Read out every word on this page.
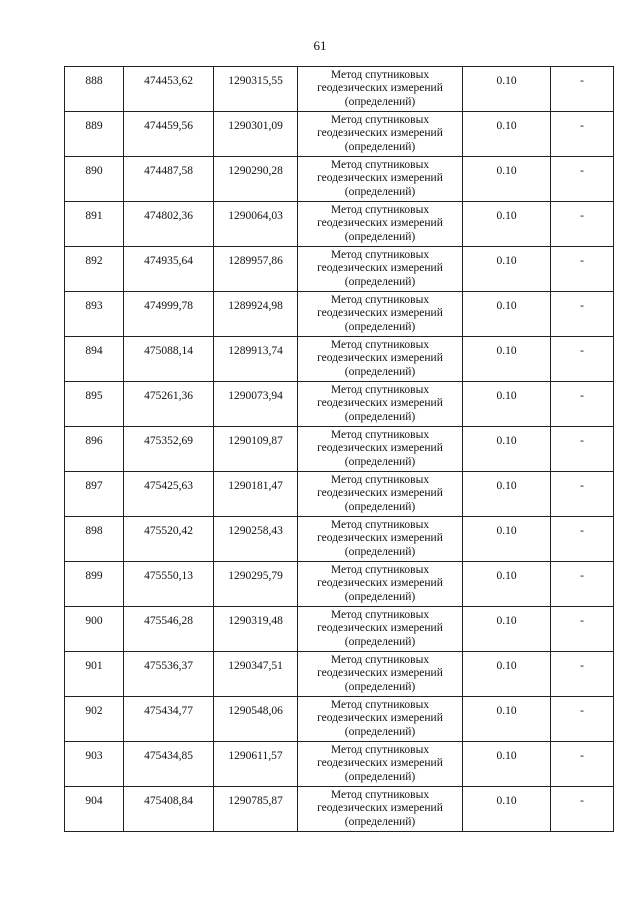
61
888	474453,62	1290315,55	Метод спутниковых геодезических измерений (определений)	0.10	-
889	474459,56	1290301,09	Метод спутниковых геодезических измерений (определений)	0.10	-
890	474487,58	1290290,28	Метод спутниковых геодезических измерений (определений)	0.10	-
891	474802,36	1290064,03	Метод спутниковых геодезических измерений (определений)	0.10	-
892	474935,64	1289957,86	Метод спутниковых геодезических измерений (определений)	0.10	-
893	474999,78	1289924,98	Метод спутниковых геодезических измерений (определений)	0.10	-
894	475088,14	1289913,74	Метод спутниковых геодезических измерений (определений)	0.10	-
895	475261,36	1290073,94	Метод спутниковых геодезических измерений (определений)	0.10	-
896	475352,69	1290109,87	Метод спутниковых геодезических измерений (определений)	0.10	-
897	475425,63	1290181,47	Метод спутниковых геодезических измерений (определений)	0.10	-
898	475520,42	1290258,43	Метод спутниковых геодезических измерений (определений)	0.10	-
899	475550,13	1290295,79	Метод спутниковых геодезических измерений (определений)	0.10	-
900	475546,28	1290319,48	Метод спутниковых геодезических измерений (определений)	0.10	-
901	475536,37	1290347,51	Метод спутниковых геодезических измерений (определений)	0.10	-
902	475434,77	1290548,06	Метод спутниковых геодезических измерений (определений)	0.10	-
903	475434,85	1290611,57	Метод спутниковых геодезических измерений (определений)	0.10	-
904	475408,84	1290785,87	Метод спутниковых геодезических измерений (определений)	0.10	-
